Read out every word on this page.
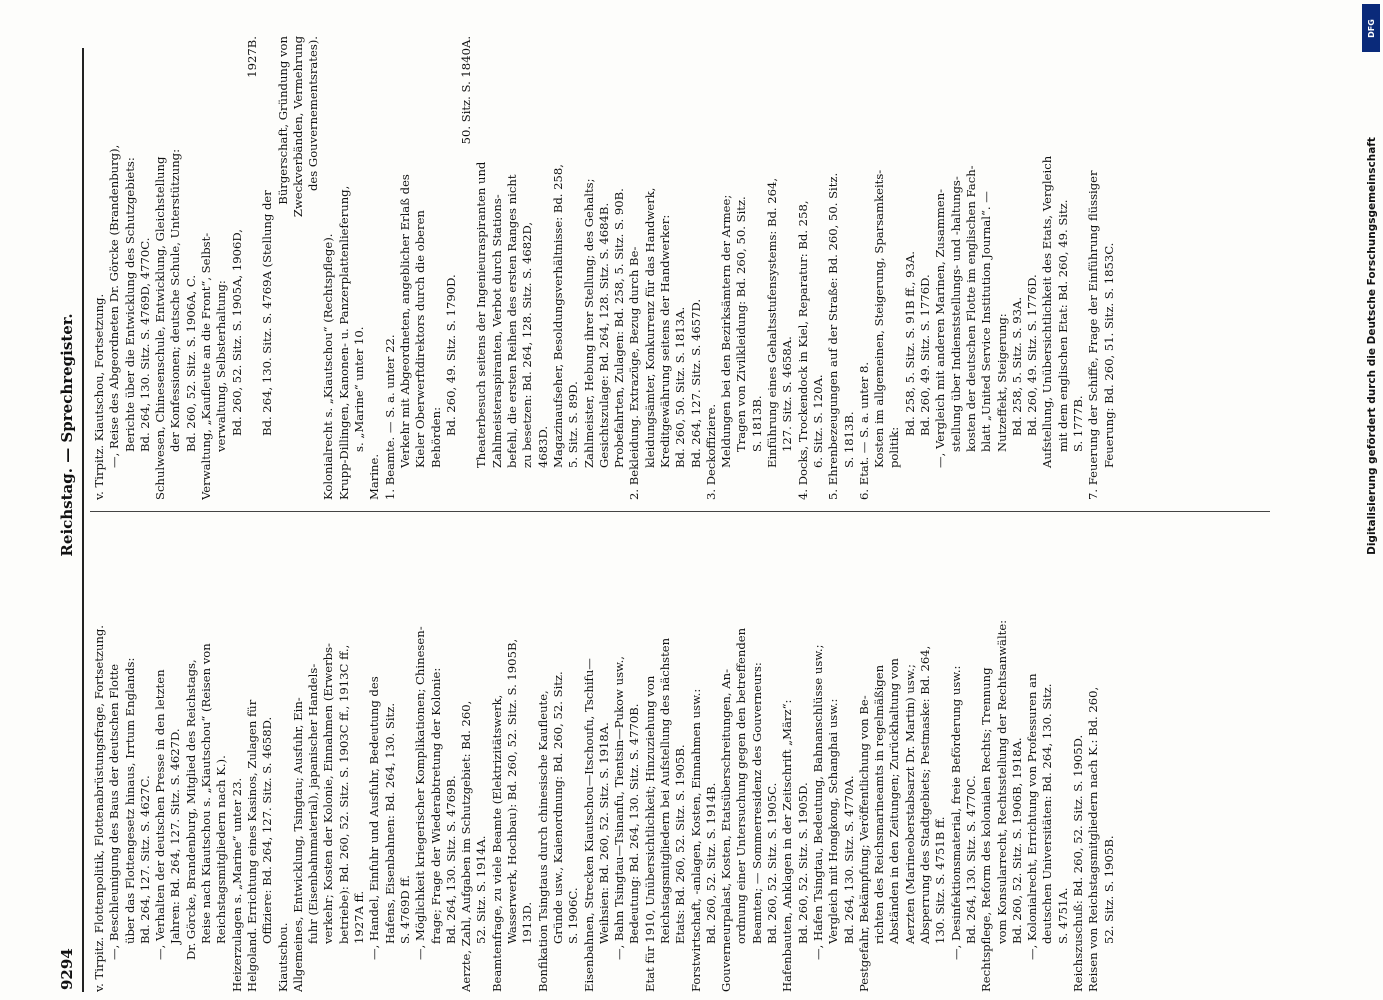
9294
Reichstag. — Sprechregister.
v. Tirpitz. Flottenpolitik, Flottenabrüstungsfrage, Fortsetzung. —, Beschleunigung des Baus der deutschen Flotte über das Flottengesetz hinaus, Irrtum Englands: Bd. 264, 127. Sitz. S. 4627C. —, Verhalten der deutschen Presse in den letzten Jahren: Bd. 264, 127. Sitz. S. 4627D. Dr. Görcke, Brandenburg, Mitglied des Reichstags, Reise nach Kiautschou s. „Kiautschou“ (Reisen von Reichstagsmitgliedern nach K.). Heizerzulagen s. „Marine“ unter 23. Helgoland. Errichtung eines Kasinos, Zulagen für Offiziere: Bd. 264, 127. Sitz. S. 4658D.
Kiautschou. Allgemeines, Entwicklung, Tsingtau; Ausfuhr, Ein- fuhr (Eisenbahnmaterial), japanischer Handels- verkehr; Kosten der Kolonie, Einnahmen (Erwerbs- betriebe): Bd. 260, 52. Sitz. S. 1903C ff., 1913C ff., 1927A ff. —, Handel, Einfuhr und Ausfuhr, Bedeutung des Hafens, Eisenbahnen: Bd. 264, 130. Sitz. S. 4769D ff. —, Möglichkeit kriegerischer Komplikationen; Chinesen- frage; Frage der Wiederabtretung der Kolonie: Bd. 264, 130. Sitz. S. 4769B. Aerzte, Zahl, Aufgaben im Schutzgebiet: Bd. 260, 52. Sitz. S. 1914A. Beamtenfrage, zu viele Beamte (Elektrizitätswerk, Wasserwerk, Hochbau): Bd. 260, 52. Sitz. S. 1905B, 1913D. Bonfikation Tsingtaus durch chinesische Kaufleute, Gründe usw., Kaienordnung: Bd. 260, 52. Sitz. S. 1906C. Eisenbahnen, Strecken Kiautschou—Itschoufu, Tschifu— Weihsien: Bd. 260, 52. Sitz. S. 1918A. —, Bahn Tsingtau—Tsinanfu, Tientsin—Pukow usw., Bedeutung: Bd. 264, 130. Sitz. S. 4770B. Etat für 1910, Unübersichtlichkeit; Hinzuziehung von Reichstagsmitgliedern bei Aufstellung des nächsten Etats: Bd. 260, 52. Sitz. S. 1905B. Forstwirtschaft, -anlagen, Kosten, Einnahmen usw.: Bd. 260, 52. Sitz. S. 1914B. Gouverneurpalast, Kosten, Etatsüberschreitungen, An- ordnung einer Untersuchung gegen den betreffenden Beamten; — Sommerresidenz des Gouverneurs: Bd. 260, 52. Sitz. S. 1905C. Hafenbauten, Anklagen in der Zeitschrift „März“: Bd. 260, 52. Sitz. S. 1905D. —, Hafen Tsingtau, Bedeutung, Bahnanschlüsse usw.; Vergleich mit Hongkong, Schanghai usw.: Bd. 264, 130. Sitz. S. 4770A. Pestgefahr, Bekämpfung; Veröffentlichung von Be- richten des Reichsmarineamts in regelmäßigen Abständen in den Zeitungen; Zurückhaltung von Aerzten (Marineoberstabsarzt Dr. Martin) usw.; Absperrung des Stadtgebiets; Pestmaske: Bd. 264, 130. Sitz. S. 4751B ff. —, Desinfektionsmaterial, freie Beförderung usw.: Bd. 264, 130. Sitz. S. 4770C. Rechtspflege, Reform des kolonialen Rechts; Trennung vom Konsularrecht, Rechtsstellung der Rechtsanwälte: Bd. 260, 52. Sitz. S. 1906B, 1918A. —, Kolonialrecht, Errichtung von Professuren an deutschen Universitäten: Bd. 264, 130. Sitz. S. 4751A. Reichszuschuß: Bd. 260, 52. Sitz. S. 1905D. Reisen von Reichstagsmitgliedern nach K.: Bd. 260, 52. Sitz. S. 1905B.
v. Tirpitz. Kiautschou, Fortsetzung. —, Reise des Abgeordneten Dr. Görcke (Brandenburg), Berichte über die Entwicklung des Schutzgebiets: Bd. 264, 130. Sitz. S. 4769D, 4770C. Schulwesen, Chinesenschule, Entwicklung, Gleichstellung der Konfessionen; deutsche Schule, Unterstützung: Bd. 260, 52. Sitz. S. 1906A, C. Verwaltung, „Kaufleute an die Front“, Selbst- verwaltung, Selbsterhaltung: Bd. 260, 52. Sitz. S. 1905A, 1906D,
1927B.
Bd. 264, 130. Sitz. S. 4769A (Stellung der
Bürgerschaft, Gründung von Zweckverbänden, Vermehrung des Gouvernementsrates).
Kolonialrecht s. „Kiautschou“ (Rechtspflege). Krupp-Dillingen, Kanonen- u. Panzerplattenlieferung, s. „Marine“ unter 10.
Marine. 1. Beamte. — S. a. unter 22. Verkehr mit Abgeordneten, angeblicher Erlaß des Kieler Oberwerftdirektors durch die oberen Behörden:
Bd. 260, 49. Sitz. S. 1790D.
50. Sitz. S. 1840A.
Theaterbesuch seitens der Ingenieuraspiranten und Zahlmeisteraspiranten, Verbot durch Stations- befehl, die ersten Reihen des ersten Ranges nicht zu besetzen: Bd. 264, 128. Sitz. S. 4682D, 4683D. Magazinaufseher, Besoldungsverhältnisse: Bd. 258, 5. Sitz. S. 89D. Zahlmeister, Hebung ihrer Stellung; des Gehalts; Gesichtszulage: Bd. 264, 128. Sitz. S. 4684B. Probefahrten, Zulagen: Bd. 258, 5. Sitz. S. 90B. 2. Bekleidung. Extrazüge, Bezug durch Be- kleidungsämter, Konkurrenz für das Handwerk, Kreditgewährung seitens der Handwerker: Bd. 260, 50. Sitz. S. 1813A. Bd. 264, 127. Sitz. S. 4657D. 3. Deckoffiziere. Meldungen bei den Bezirksämtern der Armee; Tragen von Zivilkleidung: Bd. 260, 50. Sitz. S. 1813B. Einführung eines Gehaltsstufensystems: Bd. 264, 127. Sitz. S. 4658A. 4. Docks, Trockendock in Kiel, Reparatur: Bd. 258, 6. Sitz. S. 120A. 5. Ehrenbezeugungen auf der Straße: Bd. 260, 50. Sitz. S. 1813B. 6. Etat. — S. a. unter 8. Kosten im allgemeinen, Steigerung, Sparsamkeits- politik:
Bd. 258, 5. Sitz. S. 91B ff., 93A. Bd. 260, 49. Sitz. S. 1776D. —, Vergleich mit anderen Marinen, Zusammen- stellung über Indienststellungs- und -haltungs- kosten der deutschen Flotte im englischen Fach- blatt „United Service Institution Journal“. — Nutzeffekt, Steigerung: Bd. 258, 5. Sitz. S. 93A. Bd. 260, 49. Sitz. S. 1776D. Aufstellung, Unübersichtlichkeit des Etats, Vergleich mit dem englischen Etat: Bd. 260, 49. Sitz. S. 1777B. 7. Feuerung der Schiffe, Frage der Einführung flüssiger Feuerung: Bd. 260, 51. Sitz. S. 1853C.
DFG
Digitalisierung gefördert durch die Deutsche Forschungsgemeinschaft
